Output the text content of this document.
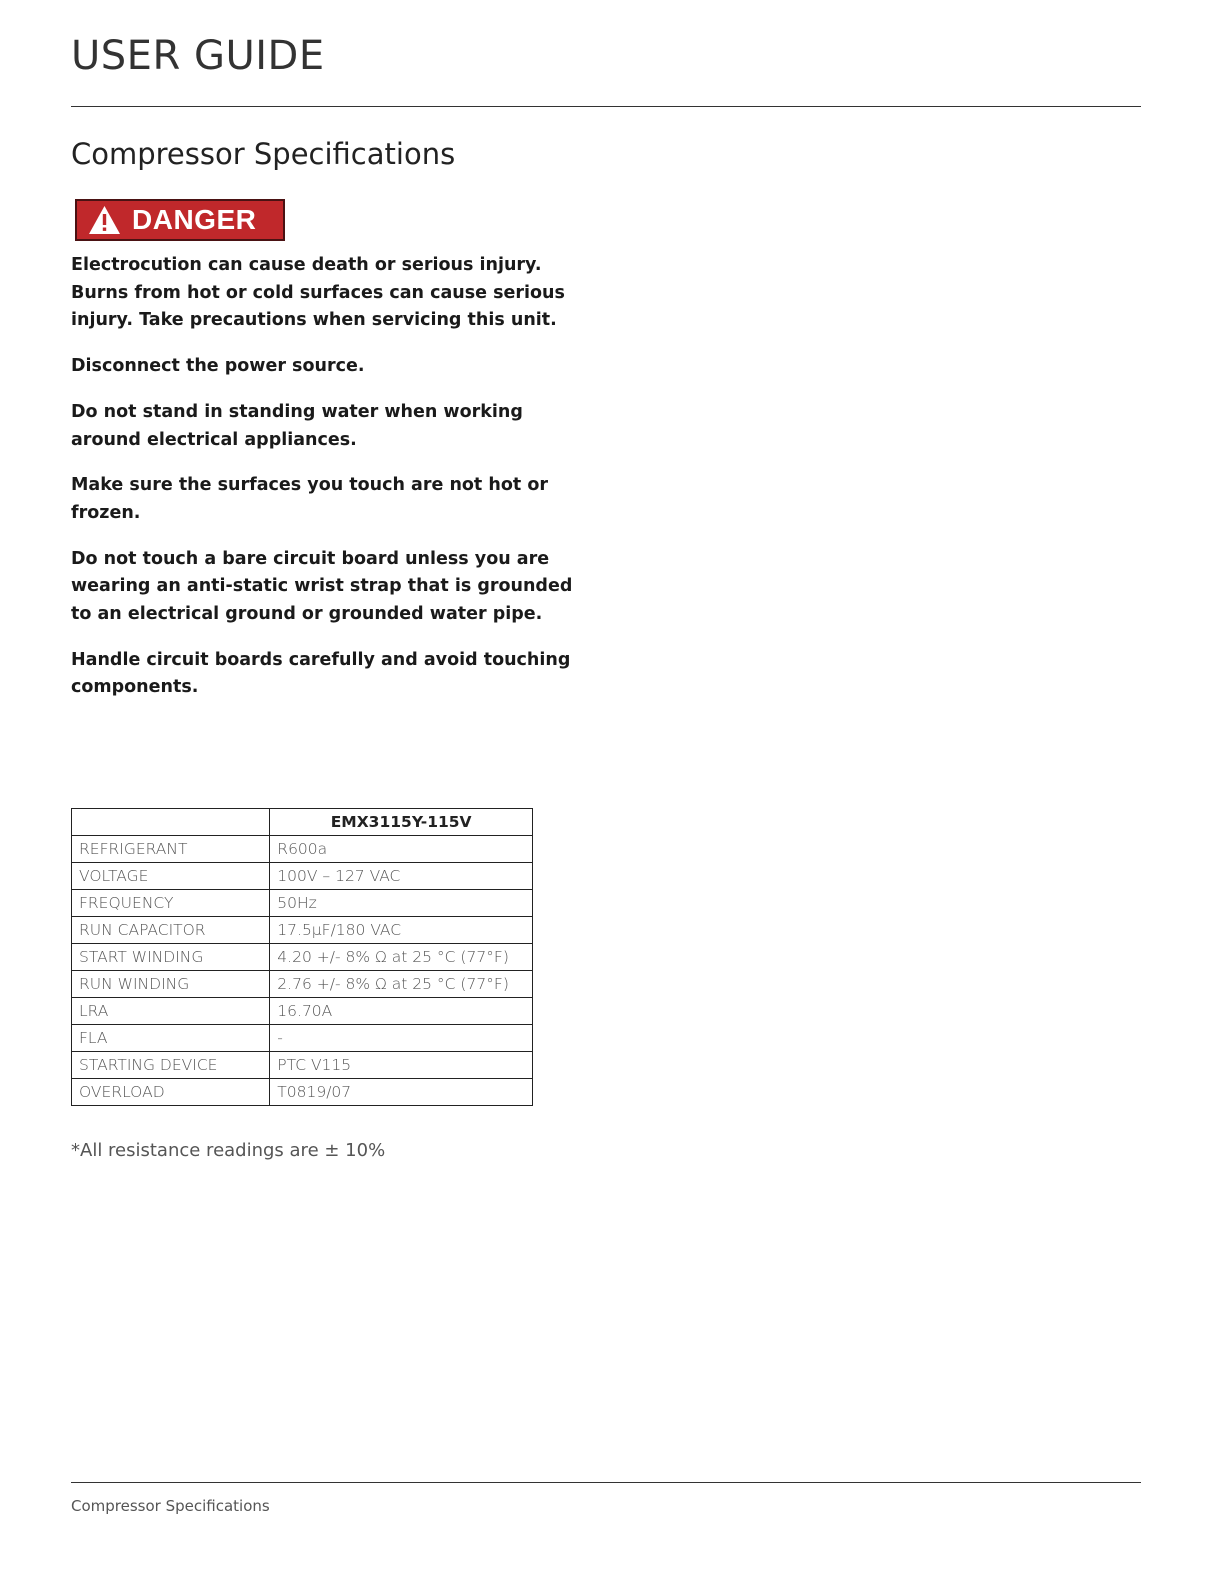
USER GUIDE
Compressor Specifications
DANGER

Electrocution can cause death or serious injury. Burns from hot or cold surfaces can cause serious injury. Take precautions when servicing this unit.

Disconnect the power source.

Do not stand in standing water when working around electrical appliances.

Make sure the surfaces you touch are not hot or frozen.

Do not touch a bare circuit board unless you are wearing an anti-static wrist strap that is grounded to an electrical ground or grounded water pipe.

Handle circuit boards carefully and avoid touching components.

	EMX3115Y-115V
REFRIGERANT	R600a
VOLTAGE	100V – 127 VAC
FREQUENCY	50Hz
RUN CAPACITOR	17.5μF/180 VAC
START WINDING	4.20 +/- 8% Ω at 25 °C (77°F)
RUN WINDING	2.76 +/- 8% Ω at 25 °C (77°F)
LRA	16.70A
FLA	-
STARTING DEVICE	PTC V115
OVERLOAD	T0819/07
*All resistance readings are ± 10%
Compressor Specifications
